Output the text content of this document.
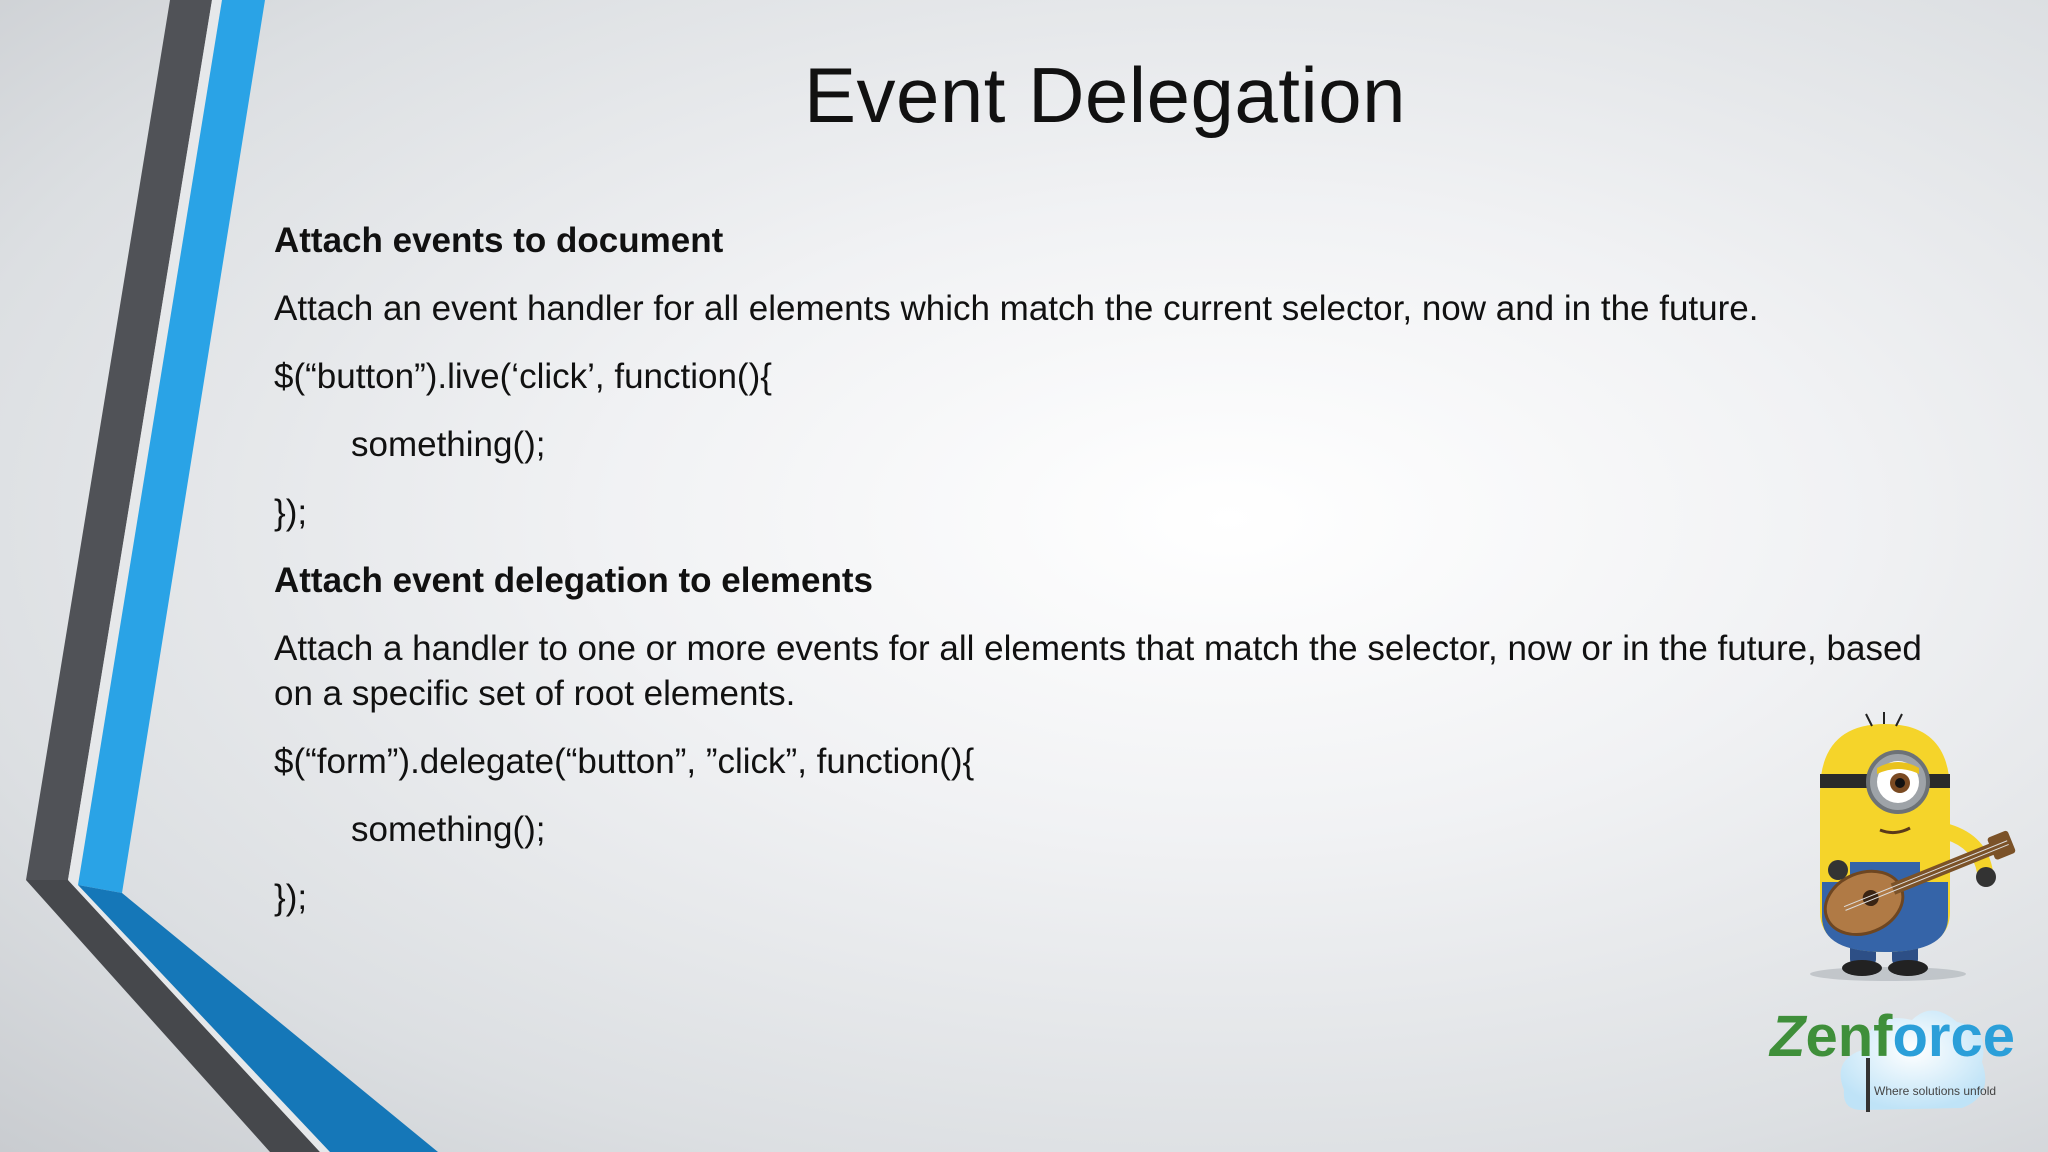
Event Delegation

Attach events to document

Attach an event handler for all elements which match the current selector, now and in the future.

$(“button”).live(‘click’, function(){

something();

});

Attach event delegation to elements

Attach a handler to one or more events for all elements that match the selector, now or in the future, based on a specific set of root elements.

$(“form”).delegate(“button”, ”click”, function(){

something();

});

Zenforce
Where solutions unfold
